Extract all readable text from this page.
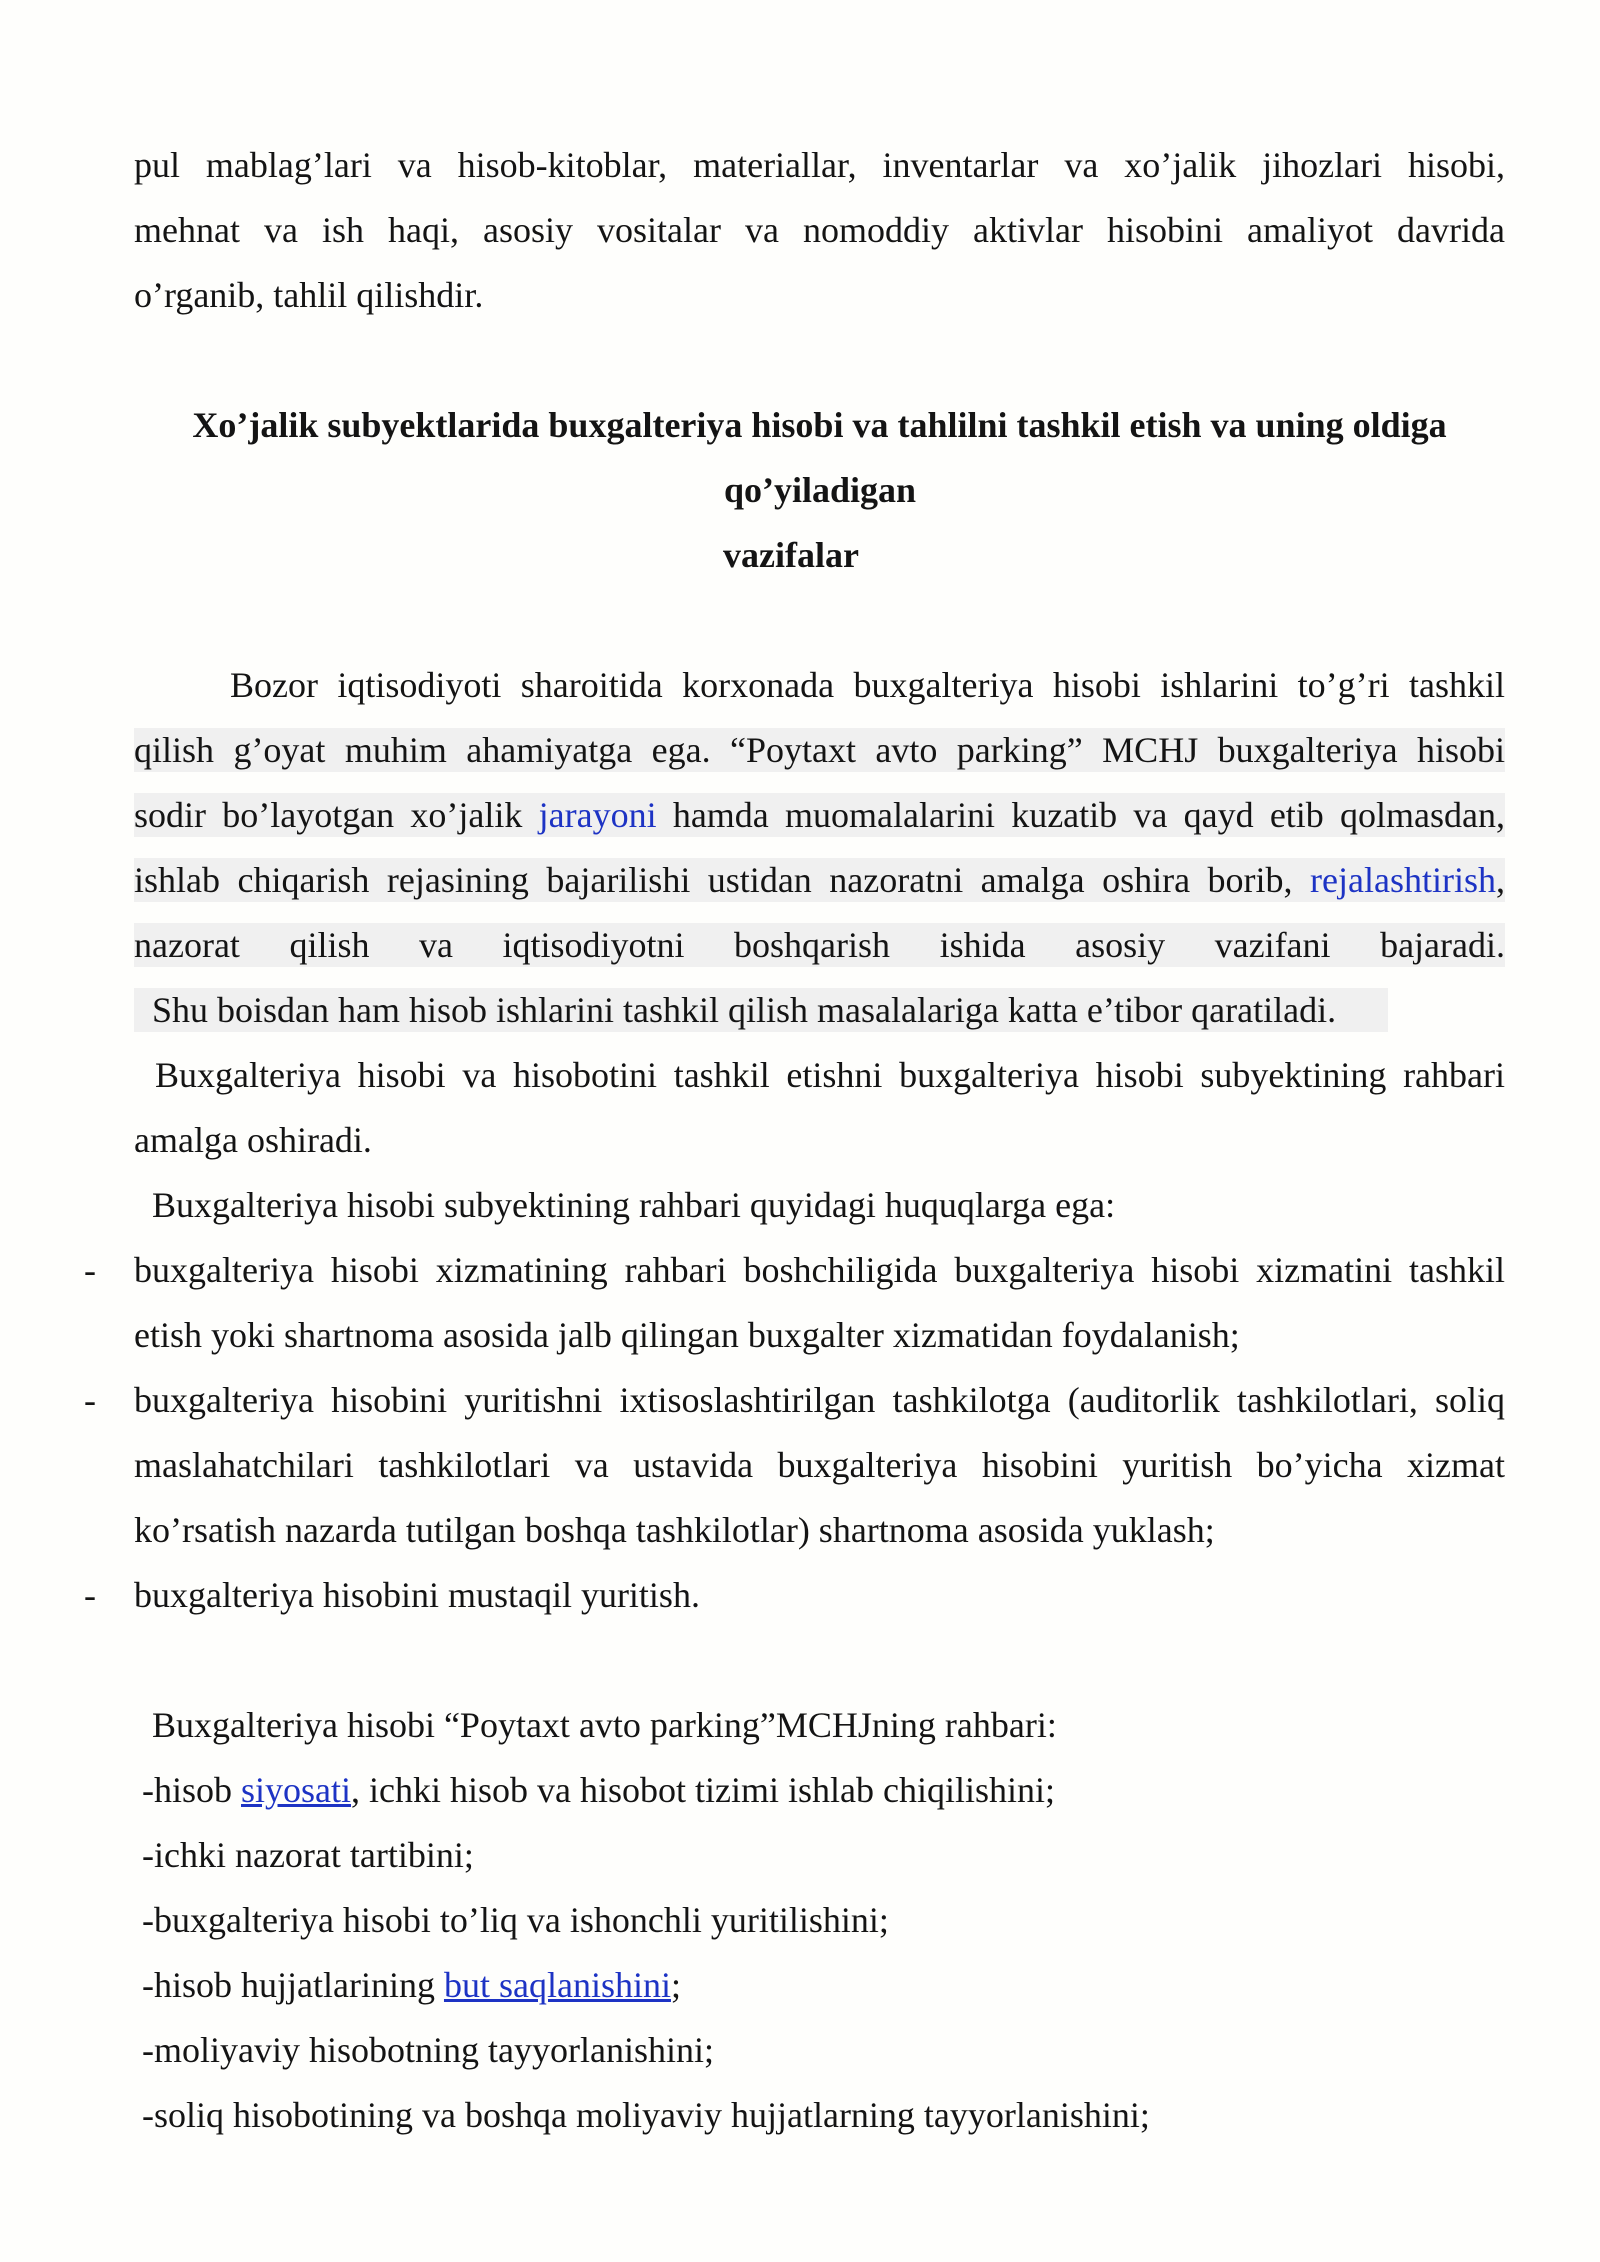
pul mablag’lari va hisob-kitoblar, materiallar, inventarlar va xo’jalik jihozlari hisobi,
mehnat va ish haqi, asosiy vositalar va nomoddiy aktivlar hisobini amaliyot davrida
o’rganib, tahlil qilishdir.
Xo’jalik subyektlarida buxgalteriya hisobi va tahlilni tashkil etish va uning oldiga
qo’yiladigan
vazifalar
Bozor iqtisodiyoti sharoitida korxonada buxgalteriya hisobi ishlarini to’g’ri tashkil
qilish g’oyat muhim ahamiyatga ega. “Poytaxt avto parking” MCHJ buxgalteriya hisobi
sodir bo’layotgan xo’jalik jarayoni hamda muomalalarini kuzatib va qayd etib qolmasdan,
ishlab chiqarish rejasining bajarilishi ustidan nazoratni amalga oshira borib, rejalashtirish,
nazorat qilish va iqtisodiyotni boshqarish ishida asosiy vazifani bajaradi.
Shu boisdan ham hisob ishlarini tashkil qilish masalalariga katta e’tibor qaratiladi.
Buxgalteriya hisobi va hisobotini tashkil etishni buxgalteriya hisobi subyektining rahbari
amalga oshiradi.
Buxgalteriya hisobi subyektining rahbari quyidagi huquqlarga ega:
- buxgalteriya hisobi xizmatining rahbari boshchiligida buxgalteriya hisobi xizmatini tashkil
etish yoki shartnoma asosida jalb qilingan buxgalter xizmatidan foydalanish;
- buxgalteriya hisobini yuritishni ixtisoslashtirilgan tashkilotga (auditorlik tashkilotlari, soliq
maslahatchilari tashkilotlari va ustavida buxgalteriya hisobini yuritish bo’yicha xizmat
ko’rsatish nazarda tutilgan boshqa tashkilotlar) shartnoma asosida yuklash;
- buxgalteriya hisobini mustaqil yuritish.
Buxgalteriya hisobi “Poytaxt avto parking”MCHJning rahbari:
-hisob siyosati, ichki hisob va hisobot tizimi ishlab chiqilishini;
-ichki nazorat tartibini;
-buxgalteriya hisobi to’liq va ishonchli yuritilishini;
-hisob hujjatlarining but saqlanishini;
-moliyaviy hisobotning tayyorlanishini;
-soliq hisobotining va boshqa moliyaviy hujjatlarning tayyorlanishini;
